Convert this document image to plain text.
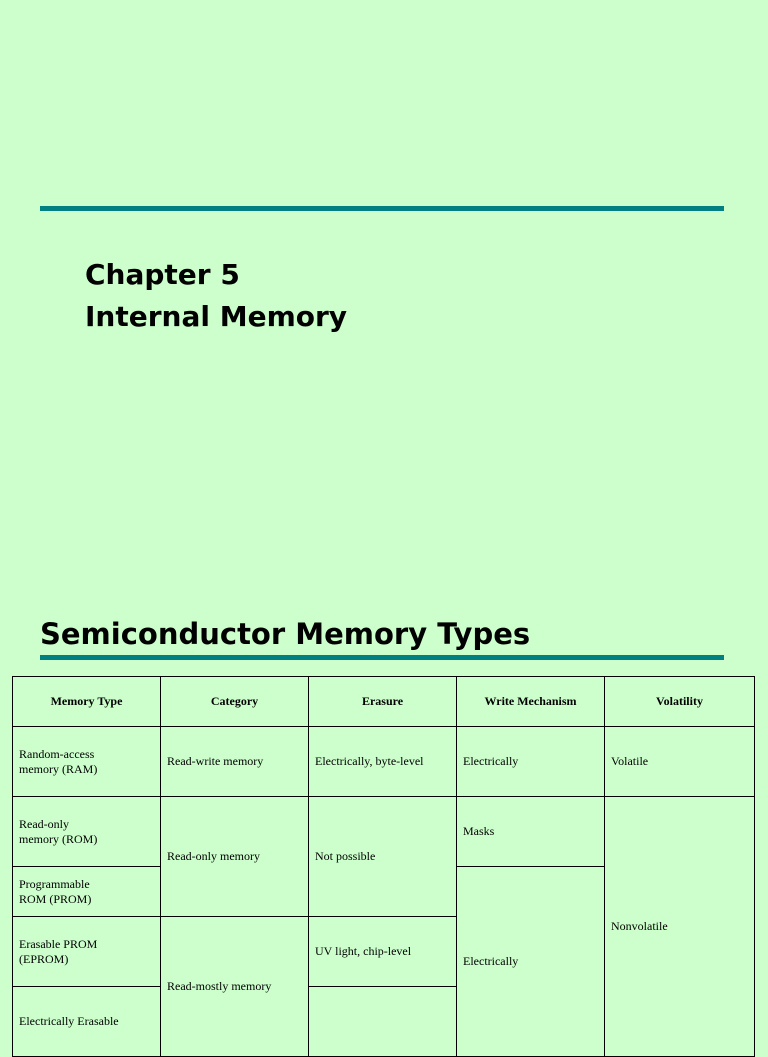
Chapter 5
Internal Memory
Semiconductor Memory Types
Memory Type	Category	Erasure	Write Mechanism	Volatility

Random-access
memory (RAM)	Read-write memory	Electrically, byte-level	Electrically	Volatile

Read-only
memory (ROM)	Read-only memory	Not possible	Masks	Nonvolatile

Programmable
ROM (PROM)			Electrically	

Erasable PROM
(EPROM)	Read-mostly memory	UV light, chip-level		

Electrically Erasable				
